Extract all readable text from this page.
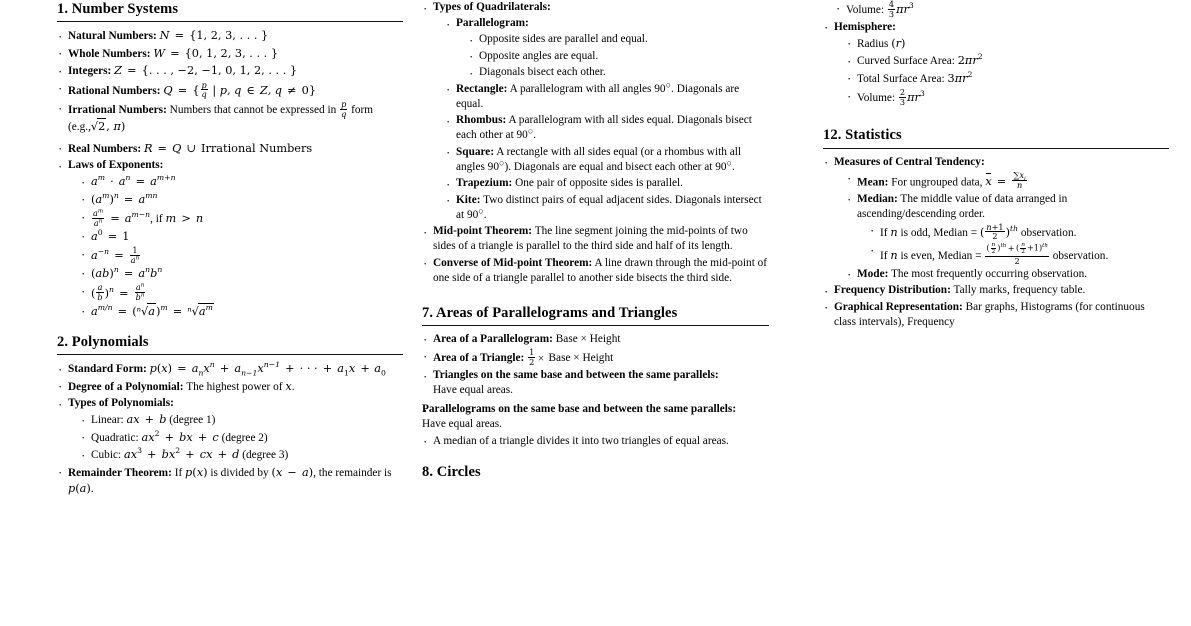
1. Number Systems
· Natural Numbers: N = {1, 2, 3, . . . }
· Whole Numbers: W = {0, 1, 2, 3, . . . }
· Integers: Z = {. . . , −2, −1, 0, 1, 2, . . . }
· Rational Numbers: Q = { $\frac{p}{q}$ | p, q ∈ Z, q ≠ 0}
· Irrational Numbers: Numbers that cannot be expressed in $\frac{p}{q}$ form (e.g.,√2, π)
· Real Numbers: R = Q ∪ Irrational Numbers
· Laws of Exponents:
· $a^m \cdot a^n = a^{m+n}$
· $(a^m)^n = a^{mn}$
· $\frac{a^m}{a^n} = a^{m-n}$, if m > n
· $a^0 = 1$
· $a^{-n} = \frac{1}{a^n}$
· $(ab)^n = a^nb^n$
· ( $\frac{a}{b} )^n = \frac{a^n}{b^n}$
· $a^{m/n} = (^n√a)^m = ^n√a^m$
2. Polynomials
· Standard Form: $p(x) = a_nx^n + a_{n-1}x^{n-1}$ + · · · + $a_1x + a_0$
· Degree of a Polynomial: The highest power of x.
· Types of Polynomials:
· Linear: ax + b (degree 1)
· Quadratic: $ax^2$ + bx + c (degree 2)
· Cubic: $ax^3 + bx^2$ + cx + d (degree 3)
· Remainder Theorem: If p(x) is divided by (x − a), the remainder is p(a).
· Types of Quadrilaterals:
· Parallelogram:
· Opposite sides are parallel and equal.
· Opposite angles are equal.
· Diagonals bisect each other.
· Rectangle: A parallelogram with all angles 90○. Diagonals are equal.
· Rhombus: A parallelogram with all sides equal. Diagonals bisect each other at 90○.
· Square: A rectangle with all sides equal (or a rhombus with all angles 90○). Diagonals are equal and bisect each other at 90○.
· Trapezium: One pair of opposite sides is parallel.
· Kite: Two distinct pairs of equal adjacent sides. Diagonals intersect at 90○.
· Mid-point Theorem: The line segment joining the mid-points of two sides of a triangle is parallel to the third side and half of its length.
· Converse of Mid-point Theorem: A line drawn through the mid-point of one side of a triangle parallel to another side bisects the third side.
7. Areas of Parallelograms and Triangles
· Area of a Parallelogram: Base × Height
· Area of a Triangle: $\frac{1}{2}$ × Base × Height
· Triangles on the same base and between the same parallels:
Have equal areas.
· Parallelograms on the same base and between the same parallels:
Have equal areas.
· A median of a triangle divides it into two triangles of equal areas.
8. Circles
· Volume: $\frac{4}{3} \pi r^3$
· Hemisphere:
· Radius (r)
· Curved Surface Area: $2\pi r^2$
· Total Surface Area: $3\pi r^2$
· Volume: $\frac{2}{3} \pi r^3$
12. Statistics
· Measures of Central Tendency:
· Mean: For ungrouped data, $x = \frac{\sum x_i}{n}$
· Median: The middle value of data arranged in ascending/descending order.
· If n is odd, Median = ( $\frac{n+1}{2} )^{th}$ observation.
· If n is even, Median = $\frac{( \frac{n}{2} )^{th} + ( \frac{n}{2} +1)^{th}}{2}$ observation.
· Mode: The most frequently occurring observation.
· Frequency Distribution: Tally marks, frequency table.
· Graphical Representation: Bar graphs, Histograms (for continuous class intervals), Frequency
